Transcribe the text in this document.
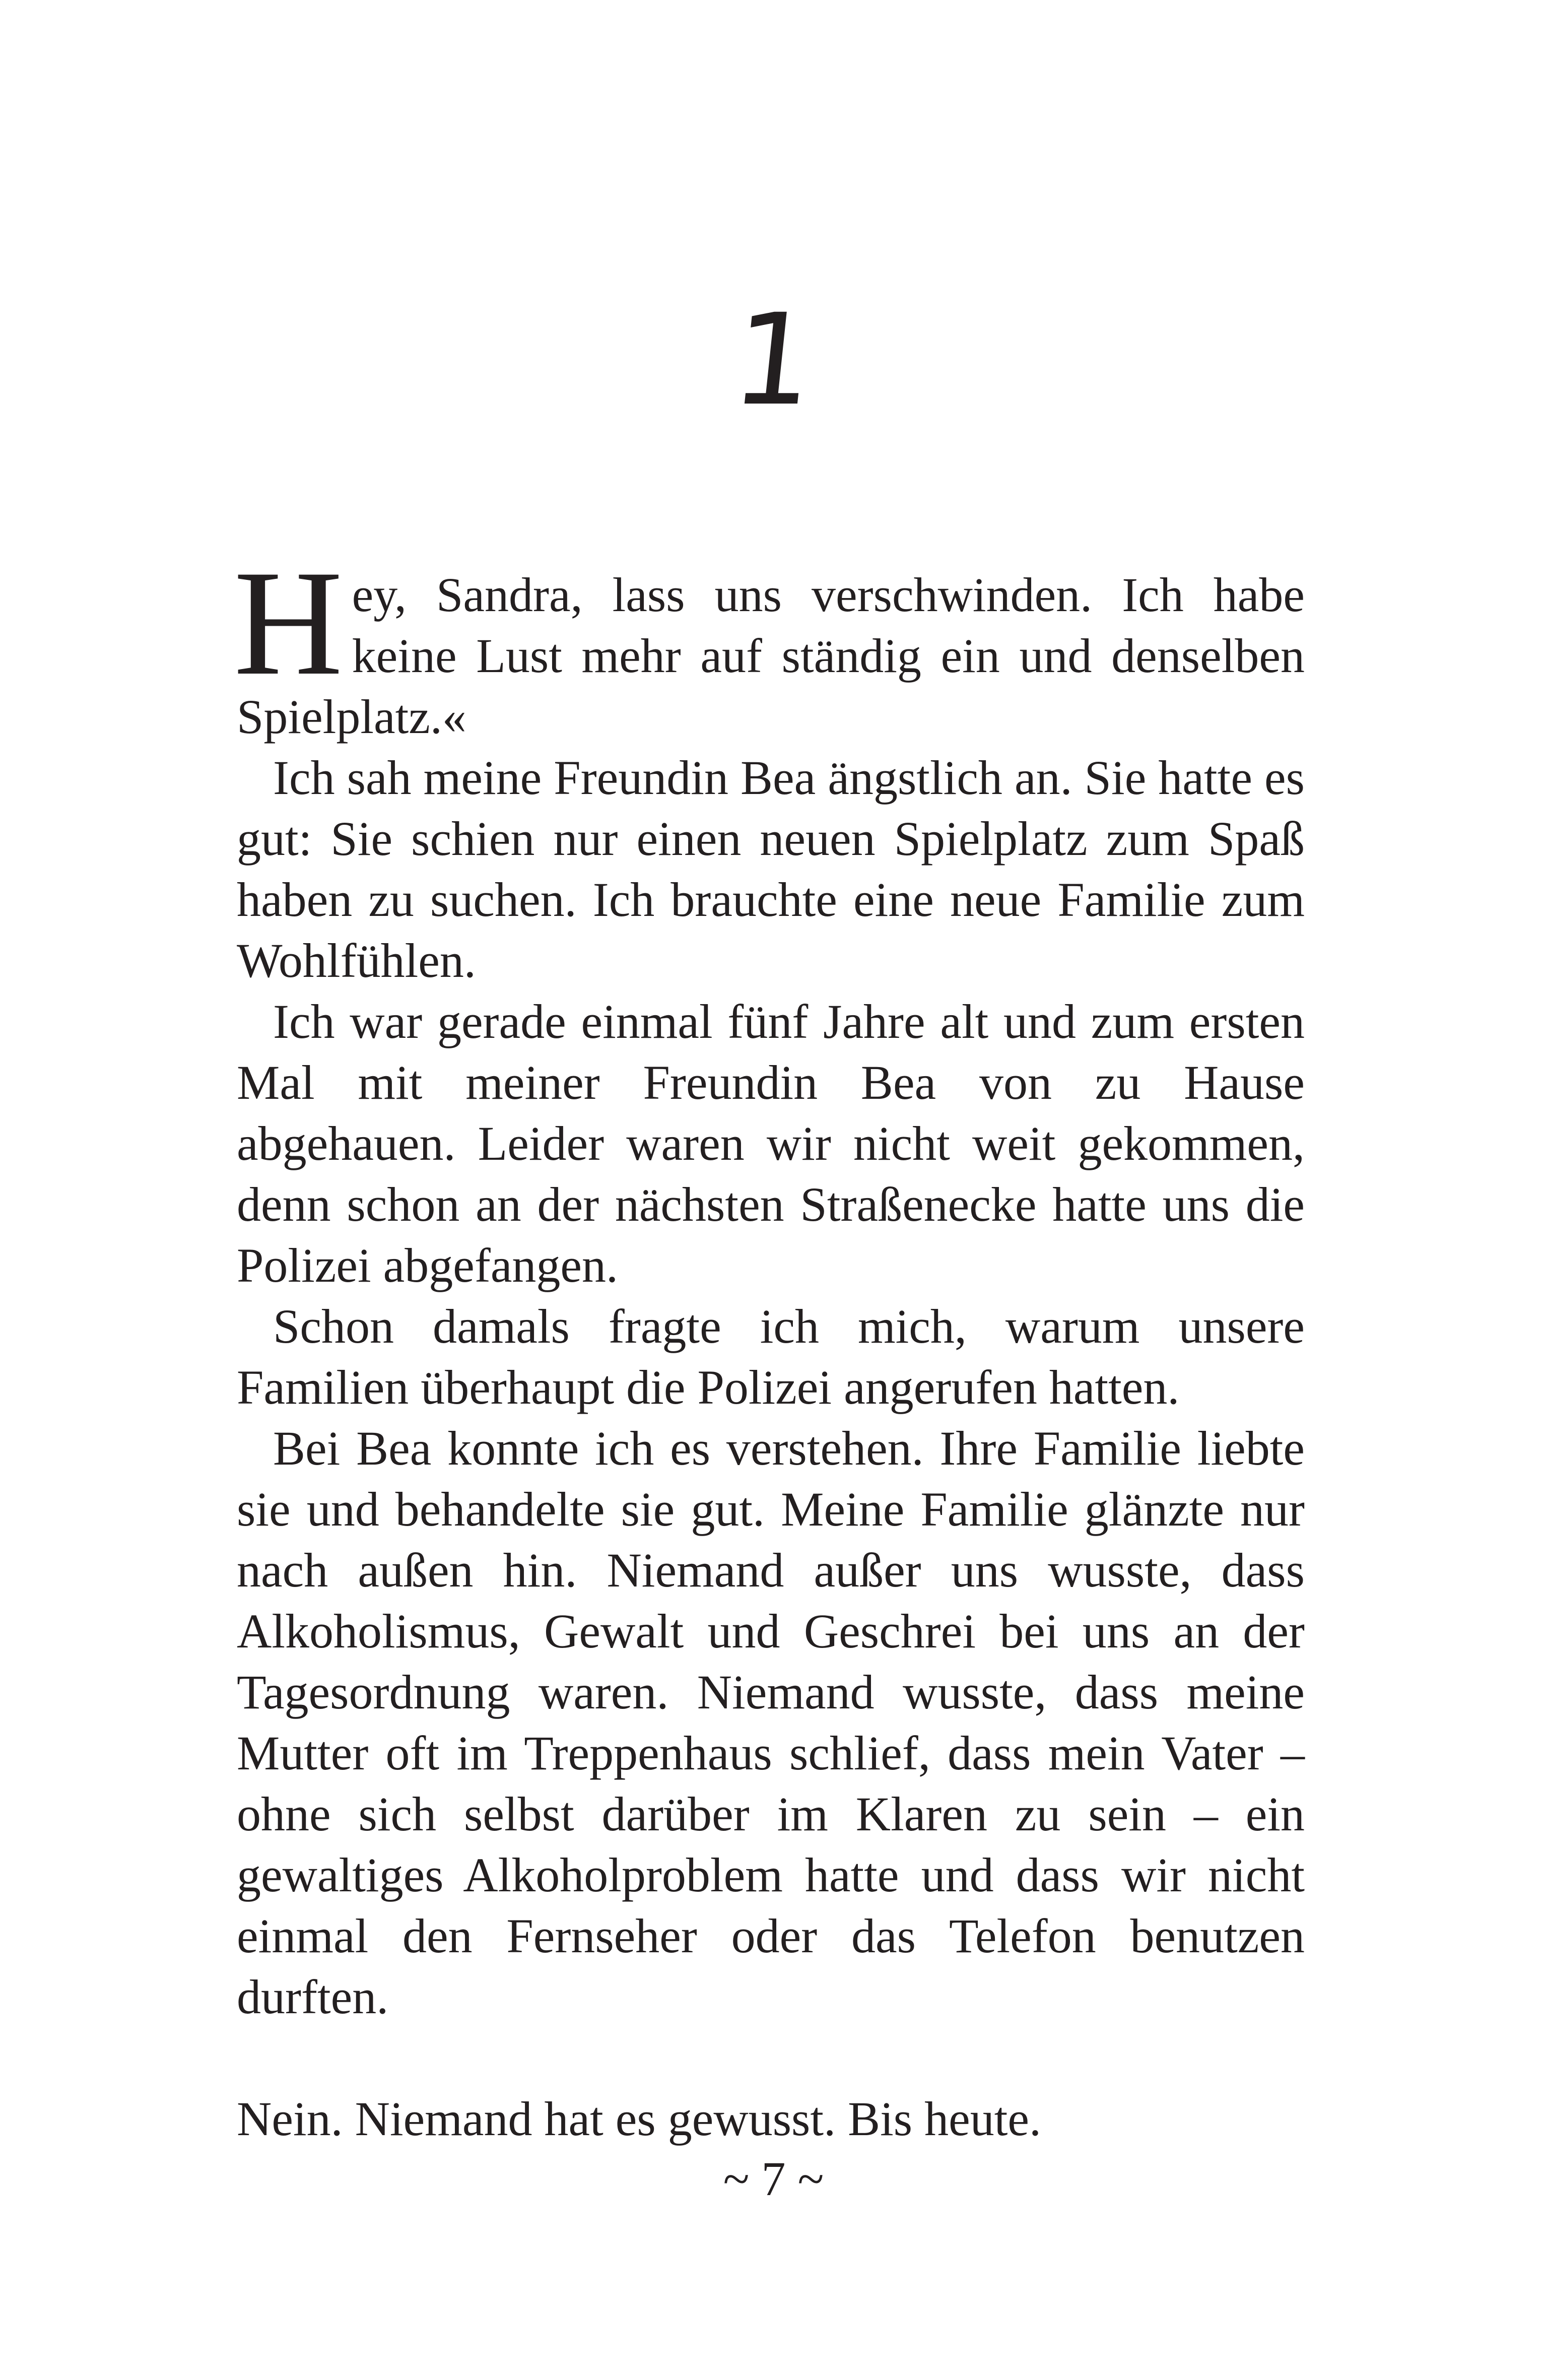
1

Hey, Sandra, lass uns verschwinden. Ich habe keine Lust mehr auf ständig ein und denselben Spielplatz.«

Ich sah meine Freundin Bea ängstlich an. Sie hatte es gut: Sie schien nur einen neuen Spielplatz zum Spaß haben zu suchen. Ich brauchte eine neue Familie zum Wohlfühlen.

Ich war gerade einmal fünf Jahre alt und zum ersten Mal mit meiner Freundin Bea von zu Hause abgehauen. Leider waren wir nicht weit gekommen, denn schon an der nächsten Straßenecke hatte uns die Polizei abgefangen.

Schon damals fragte ich mich, warum unsere Familien überhaupt die Polizei angerufen hatten.

Bei Bea konnte ich es verstehen. Ihre Familie liebte sie und behandelte sie gut. Meine Familie glänzte nur nach außen hin. Niemand außer uns wusste, dass Alkoholismus, Gewalt und Geschrei bei uns an der Tagesordnung waren. Niemand wusste, dass meine Mutter oft im Treppenhaus schlief, dass mein Vater – ohne sich selbst darüber im Klaren zu sein – ein gewaltiges Alkoholproblem hatte und dass wir nicht einmal den Fernseher oder das Telefon benutzen durften.

Nein. Niemand hat es gewusst. Bis heute.

~ 7 ~
